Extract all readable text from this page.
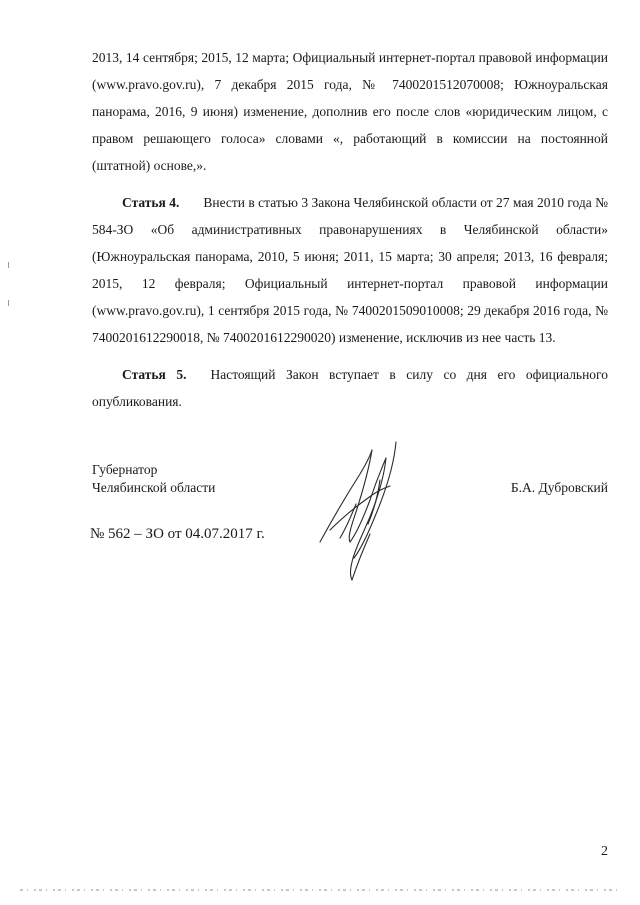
2013, 14 сентября; 2015, 12 марта; Официальный интернет-портал правовой информации (www.pravo.gov.ru), 7 декабря 2015 года, № 7400201512070008; Южноуральская панорама, 2016, 9 июня) изменение, дополнив его после слов «юридическим лицом, с правом решающего голоса» словами «, работающий в комиссии на постоянной (штатной) основе,».
Статья 4. Внести в статью 3 Закона Челябинской области от 27 мая 2010 года № 584-ЗО «Об административных правонарушениях в Челябинской области» (Южноуральская панорама, 2010, 5 июня; 2011, 15 марта; 30 апреля; 2013, 16 февраля; 2015, 12 февраля; Официальный интернет-портал правовой информации (www.pravo.gov.ru), 1 сентября 2015 года, № 7400201509010008; 29 декабря 2016 года, № 7400201612290018, № 7400201612290020) изменение, исключив из нее часть 13.
Статья 5. Настоящий Закон вступает в силу со дня его официального опубликования.
Губернатор
Челябинской области	Б.А. Дубровский
№ 562 – ЗО от 04.07.2017 г.
2
